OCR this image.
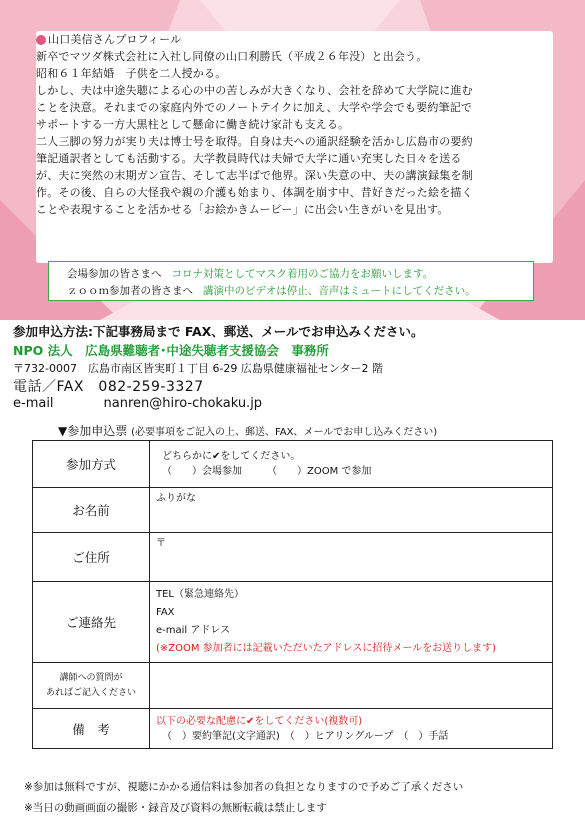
山口美信さんプロフィール

新卒でマツダ株式会社に入社し同僚の山口利勝氏（平成２６年没）と出会う。

昭和６１年結婚　子供を二人授かる。

しかし、夫は中途失聴による心の中の苦しみが大きくなり、会社を辞めて大学院に進む

ことを決意。それまでの家庭内外でのノートテイクに加え、大学や学会でも要約筆記で

サポートする一方大黒柱として懸命に働き続け家計も支える。

二人三脚の努力が実り夫は博士号を取得。自身は夫への通訳経験を活かし広島市の要約

筆記通訳者としても活動する。大学教員時代は夫婦で大学に通い充実した日々を送る

が、夫に突然の末期ガン宣告、そして志半ばで他界。深い失意の中、夫の講演録集を制

作。その後、自らの大怪我や親の介護も始まり、体調を崩す中、昔好きだった絵を描く

ことや表現することを活かせる「お絵かきムービー」に出会い生きがいを見出す。

会場参加の皆さまへ コロナ対策としてマスク着用のご協力をお願いします。
ｚｏｏｍ参加者の皆さまへ 講演中のビデオは停止、音声はミュートにしてください。
参加申込方法:下記事務局まで FAX、郵送、メールでお申込みください。
NPO 法人　広島県難聴者･中途失聴者支援協会　事務所
〒732-0007　広島市南区皆実町１丁目 6-29 広島県健康福祉センター2 階
電話／FAX　082-259-3327
e-mail	nanren@hiro-chokaku.jp
▼参加申込票 (必要事項をご記入の上、郵送、FAX、メールでお申し込みください)
参加方式	どちらかに✔をしてください。
（　　）会場参加　　　（　　）ZOOM で参加

お名前	ふりがな
ご住所	〒
ご連絡先	TEL（緊急連絡先）
FAX
e-mail アドレス
(※ZOOM 参加者には記載いただいたアドレスに招待メールをお送りします)

講師への質問が
あればご記入ください	

備　考	以下の必要な配慮に✔をしてください(複数可)
（　）要約筆記(文字通訳)　（　）ヒアリングループ　（　）手話
※参加は無料ですが、視聴にかかる通信料は参加者の負担となりますので予めご了承ください
※当日の動画画面の撮影・録音及び資料の無断転載は禁止します
